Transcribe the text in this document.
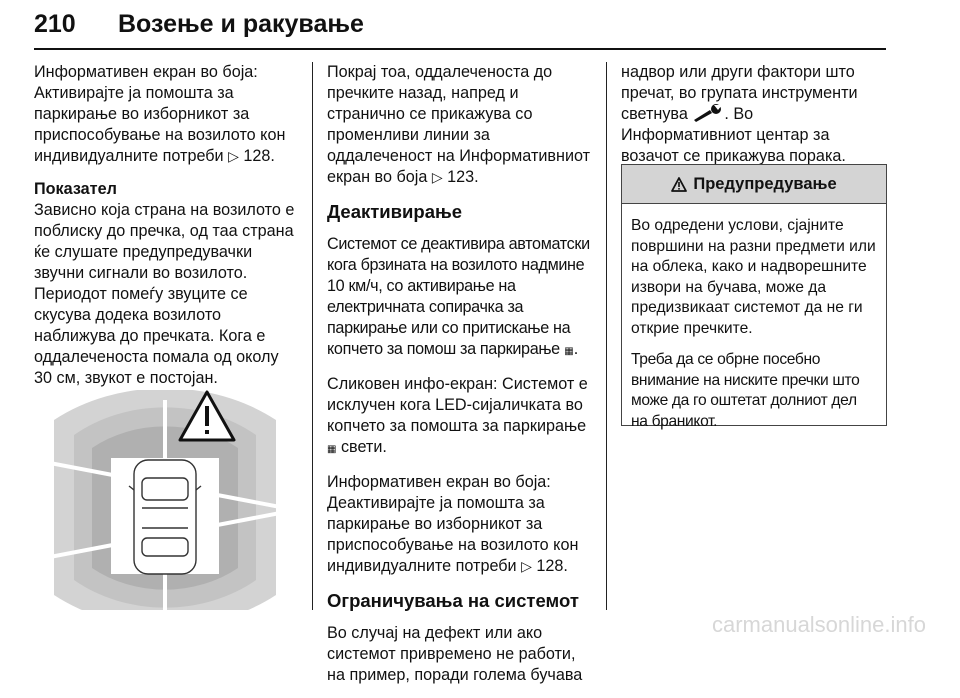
210 Возење и ракување

Информативен екран во боја: Активирајте ја помошта за паркирање во изборникот за приспособување на возилото кон индивидуалните потреби ▷ 128.

Показател

Зависно која страна на возилото е поблиску до пречка, од таа страна ќе слушате предупредувачки звучни сигнали во возилото. Периодот помеѓу звуците се скусува додека возилото наближува до пречката. Кога е оддалеченоста помала од околу 30 см, звукот е постојан.

Покрај тоа, оддалеченоста до пречките назад, напред и странично се прикажува со променливи линии за оддалеченост на Информативниот екран во боја ▷ 123.

Деактивирање

Системот се деактивира автоматски кога брзината на возилото надмине 10 км/ч, со активирање на електричната сопирачка за паркирање или со притискање на копчето за помош за паркирање ▦.

Сликовен инфо-екран: Системот е исклучен кога LED-сијаличката во копчето за помошта за паркирање ▦ свети.

Информативен екран во боја: Деактивирајте ја помошта за паркирање во изборникот за приспособување на возилото кон индивидуалните потреби ▷ 128.

Ограничувања на системот

Во случај на дефект или ако системот привремено не работи, на пример, поради голема бучава

надвор или други фактори што пречат, во групата инструменти светнува . Во Информативниот центар за возачот се прикажува порака.

Предупредување

Во одредени услови, сјајните површини на разни предмети или на облека, како и надворешните извори на бучава, може да предизвикаат системот да не ги открие пречките.

Треба да се обрне посебно внимание на ниските пречки што може да го оштетат долниот дел на браникот.

carmanualsonline.info
